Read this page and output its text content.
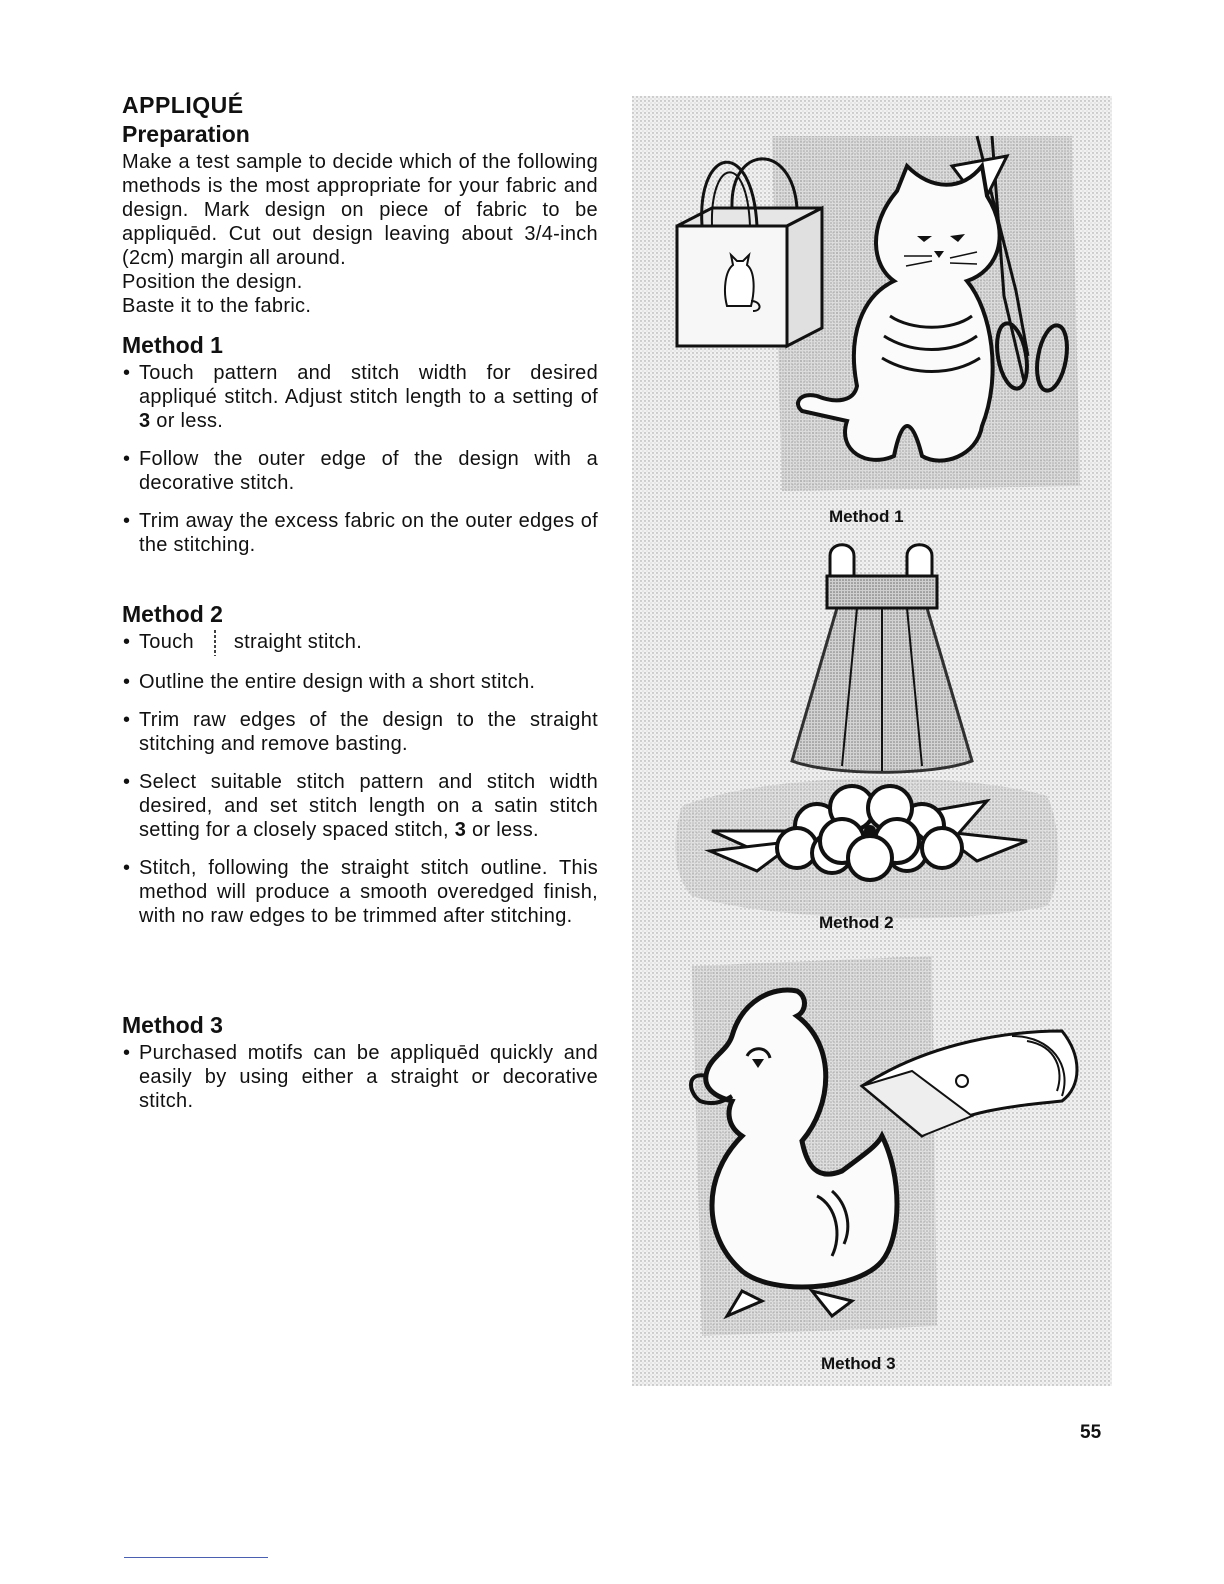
APPLIQUÉ
Preparation

Make a test sample to decide which of the following methods is the most appropriate for your fabric and design. Mark design on piece of fabric to be appliquēd. Cut out design leaving about 3/4-inch (2cm) margin all around.

Position the design.

Baste it to the fabric.

Method 1
• Touch pattern and stitch width for desired appliqué stitch. Adjust stitch length to a setting of 3 or less.
• Follow the outer edge of the design with a decorative stitch.
• Trim away the excess fabric on the outer edges of the stitching.
Method 2
• Touch straight stitch.
• Outline the entire design with a short stitch.
• Trim raw edges of the design to the straight stitching and remove basting.
• Select suitable stitch pattern and stitch width desired, and set stitch length on a satin stitch setting for a closely spaced stitch, 3 or less.
• Stitch, following the straight stitch outline. This method will produce a smooth overedged finish, with no raw edges to be trimmed after stitching.
Method 3
• Purchased motifs can be appliquēd quickly and easily by using either a straight or decorative stitch.
Method 1
Method 2
Method 3
55
